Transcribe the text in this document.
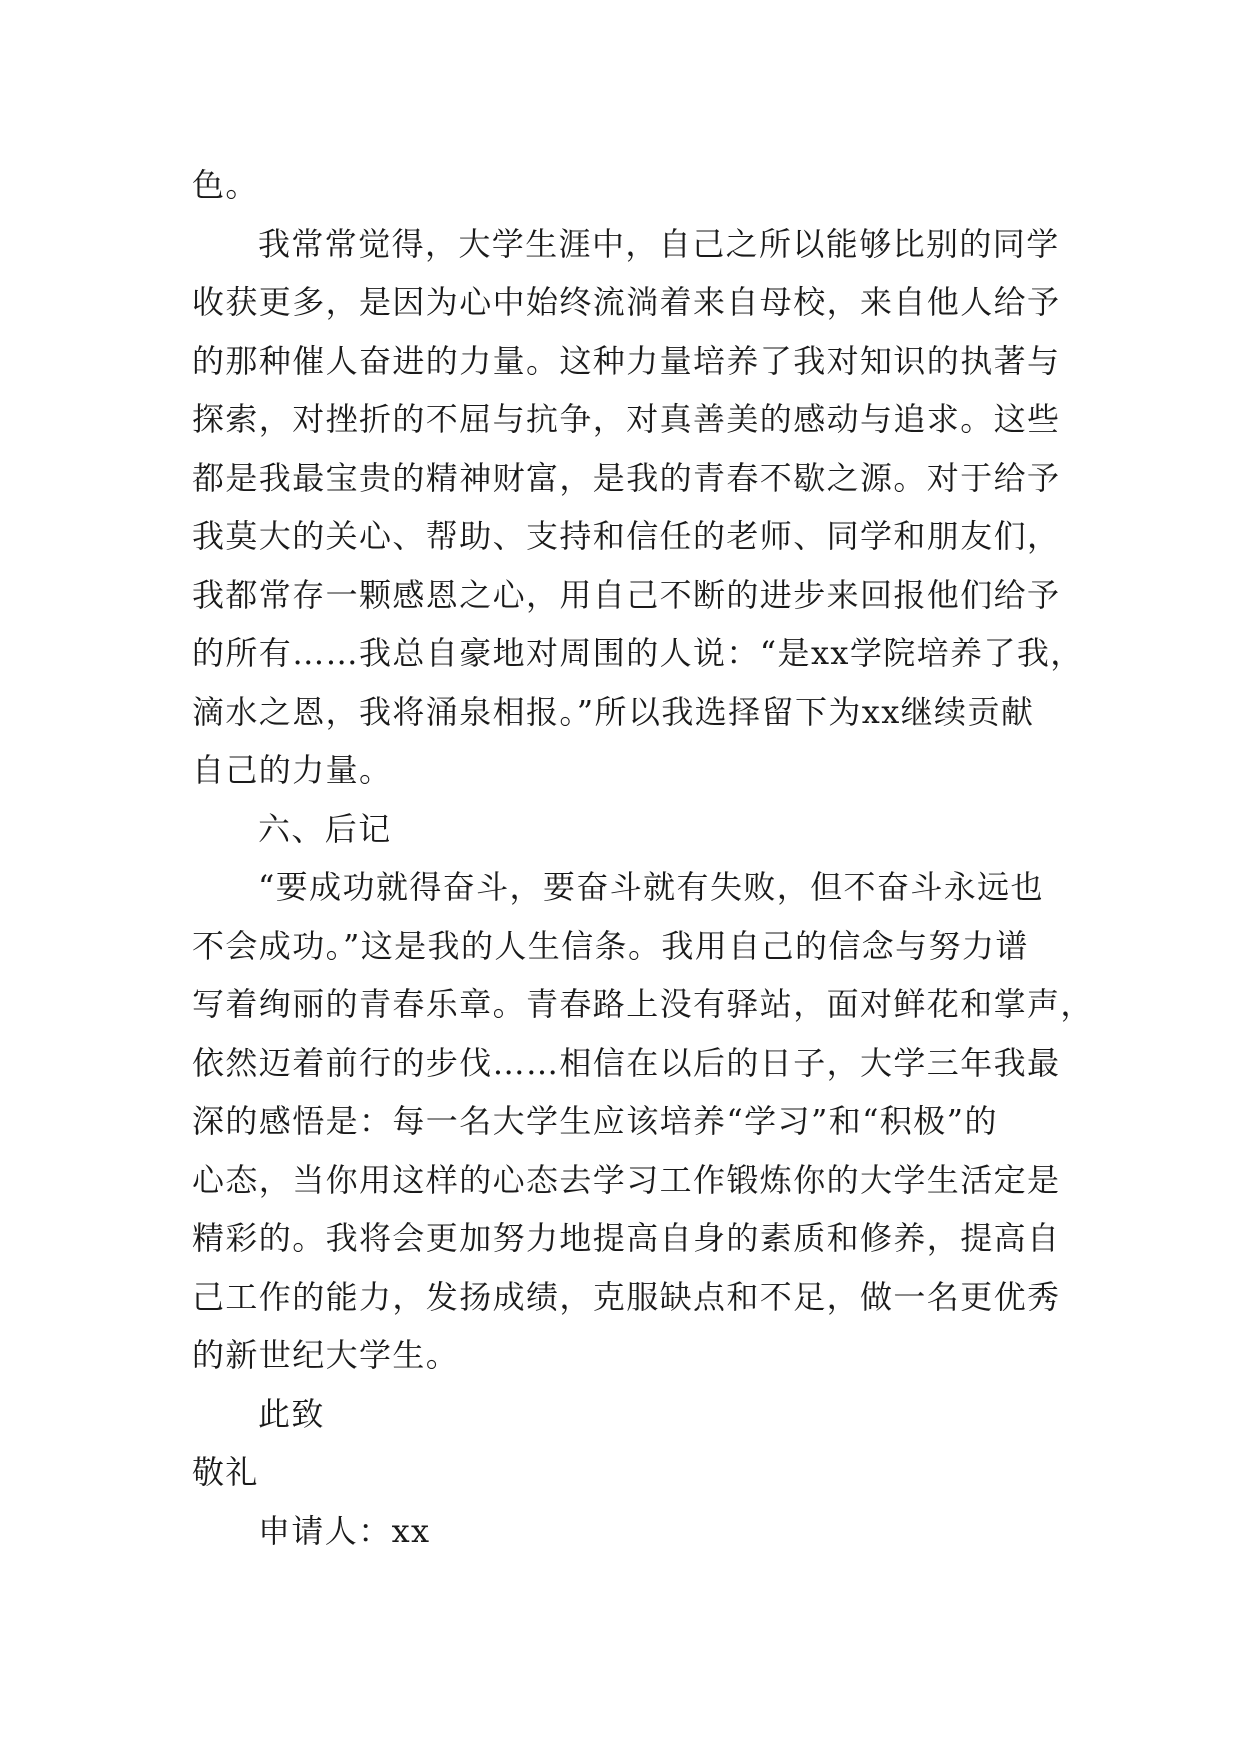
色。
我常常觉得，大学生涯中，自己之所以能够比别的同学
收获更多，是因为心中始终流淌着来自母校，来自他人给予
的那种催人奋进的力量。这种力量培养了我对知识的执著与
探索，对挫折的不屈与抗争，对真善美的感动与追求。这些
都是我最宝贵的精神财富，是我的青春不歇之源。对于给予
我莫大的关心、帮助、支持和信任的老师、同学和朋友们，
我都常存一颗感恩之心，用自己不断的进步来回报他们给予
的所有……我总自豪地对周围的人说：“是xx学院培养了我，
滴水之恩，我将涌泉相报。”所以我选择留下为xx继续贡献
自己的力量。
六、后记
“要成功就得奋斗，要奋斗就有失败，但不奋斗永远也
不会成功。”这是我的人生信条。我用自己的信念与努力谱
写着绚丽的青春乐章。青春路上没有驿站，面对鲜花和掌声，
依然迈着前行的步伐……相信在以后的日子，大学三年我最
深的感悟是：每一名大学生应该培养“学习”和“积极”的
心态，当你用这样的心态去学习工作锻炼你的大学生活定是
精彩的。我将会更加努力地提高自身的素质和修养，提高自
己工作的能力，发扬成绩，克服缺点和不足，做一名更优秀
的新世纪大学生。
此致
敬礼
申请人：xx
